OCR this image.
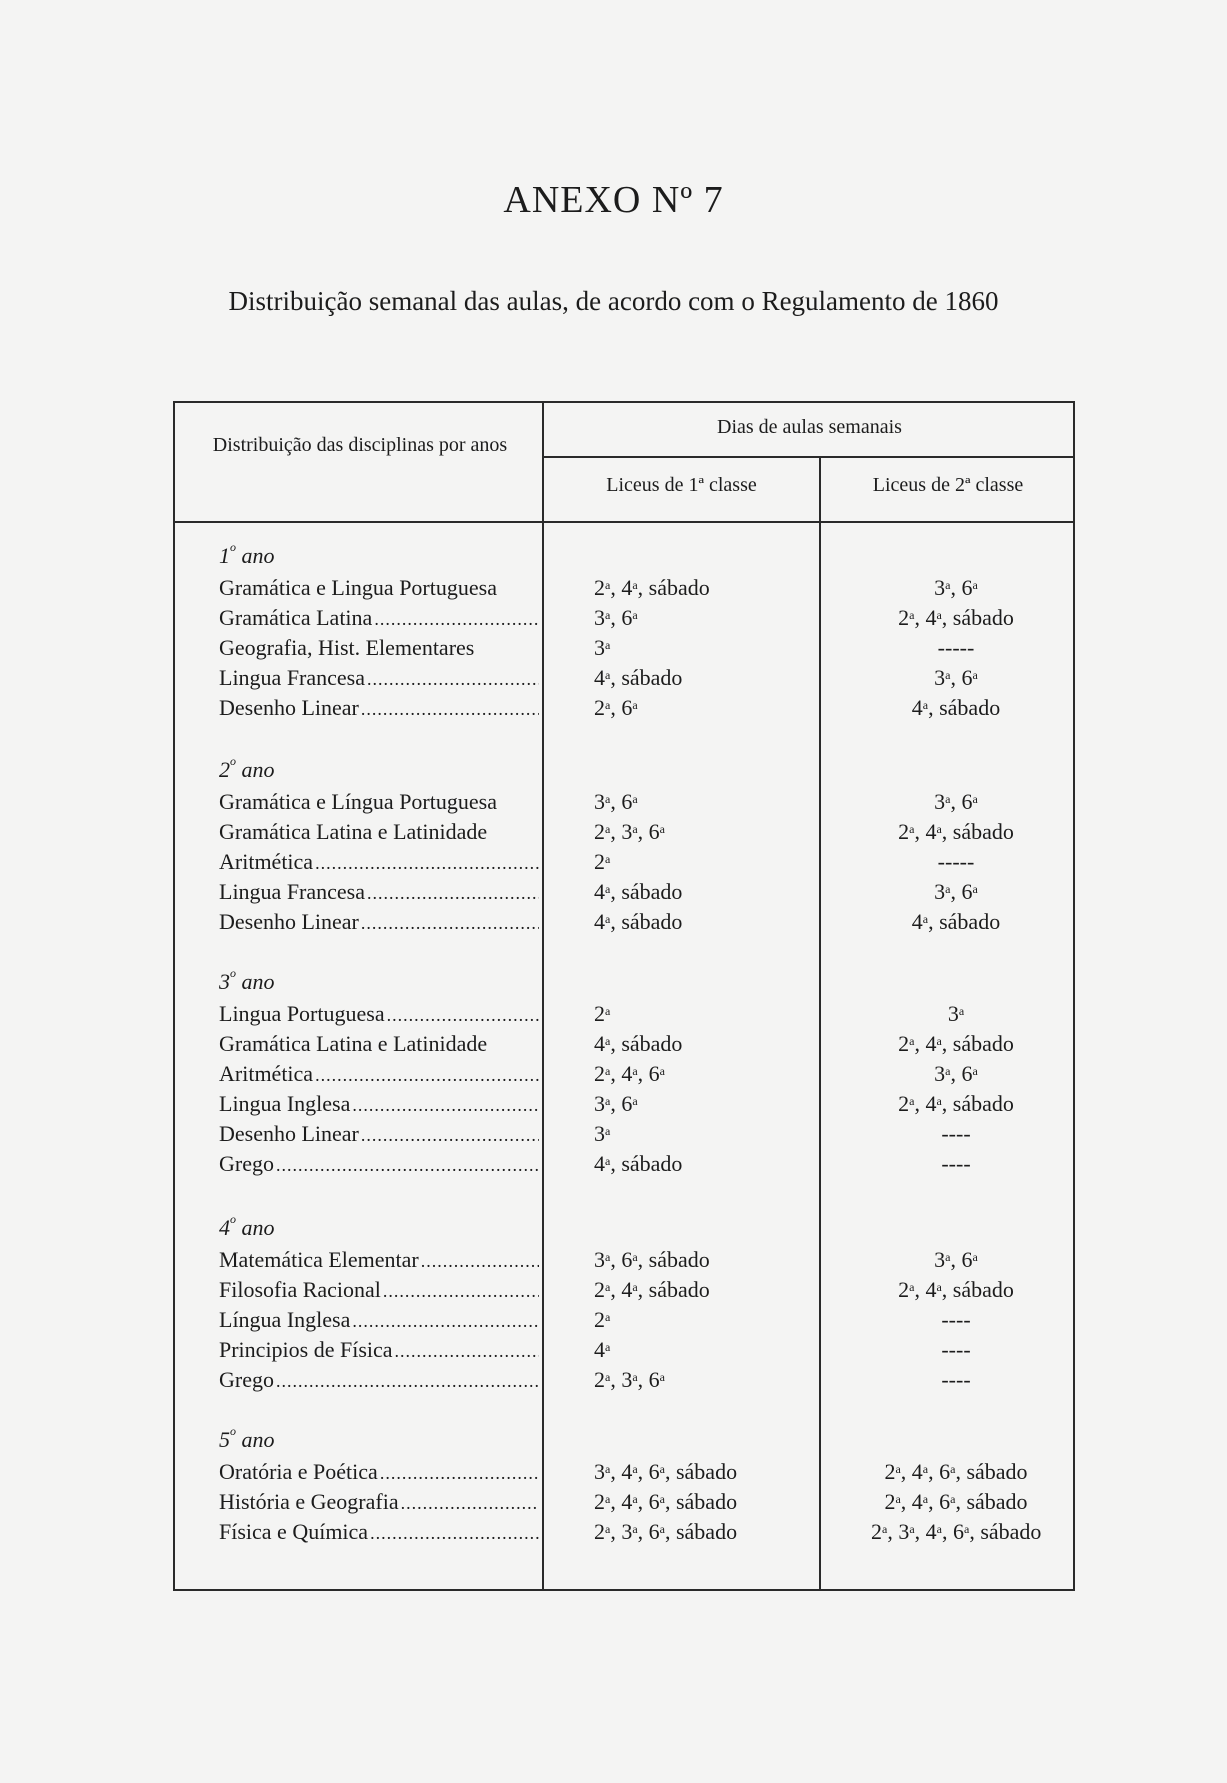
ANEXO Nº 7
Distribuição semanal das aulas, de acordo com o Regulamento de 1860
Distribuição das disciplinas por anos
Dias de aulas semanais
Liceus de 1ª classe	Liceus de 2ª classe
1$^o$ ano
Gramática e Lingua Portuguesa	2$^a$, 4$^a$, sábado	3$^a$, 6$^a$
Gramática Latina .....	3$^a$, 6$^a$	2$^a$, 4$^a$, sábado
Geografia, Hist. Elementares	3$^a$	-----
Lingua Francesa .....	4$^a$, sábado	3$^a$, 6$^a$
Desenho Linear .....	2$^a$, 6$^a$	4$^a$, sábado
2$^o$ ano
Gramática e Língua Portuguesa	3$^a$, 6$^a$	3$^a$, 6$^a$
Gramática Latina e Latinidade	2$^a$, 3$^a$, 6$^a$	2$^a$, 4$^a$, sábado
Aritmética .....	2$^a$	-----
Lingua Francesa .....	4$^a$, sábado	3$^a$, 6$^a$
Desenho Linear .....	4$^a$, sábado	4$^a$, sábado
3$^o$ ano
Lingua Portuguesa .....	2$^a$	3$^a$
Gramática Latina e Latinidade	4$^a$, sábado	2$^a$, 4$^a$, sábado
Aritmética .....	2$^a$, 4$^a$, 6$^a$	3$^a$, 6$^a$
Lingua Inglesa .....	3$^a$, 6$^a$	2$^a$, 4$^a$, sábado
Desenho Linear .....	3$^a$	----
Grego .....	4$^a$, sábado	----
4$^o$ ano
Matemática Elementar .....	3$^a$, 6$^a$, sábado	3$^a$, 6$^a$
Filosofia Racional .....	2$^a$, 4$^a$, sábado	2$^a$, 4$^a$, sábado
Língua Inglesa .....	2$^a$	----
Principios de Física .....	4$^a$	----
Grego .....	2$^a$, 3$^a$, 6$^a$	----
5$^o$ ano
Oratória e Poética .....	3$^a$, 4$^a$, 6$^a$, sábado	2$^a$, 4$^a$, 6$^a$, sábado
História e Geografia .....	2$^a$, 4$^a$, 6$^a$, sábado	2$^a$, 4$^a$, 6$^a$, sábado
Física e Química .....	2$^a$, 3$^a$, 6$^a$, sábado	2$^a$, 3$^a$, 4$^a$, 6$^a$, sábado
